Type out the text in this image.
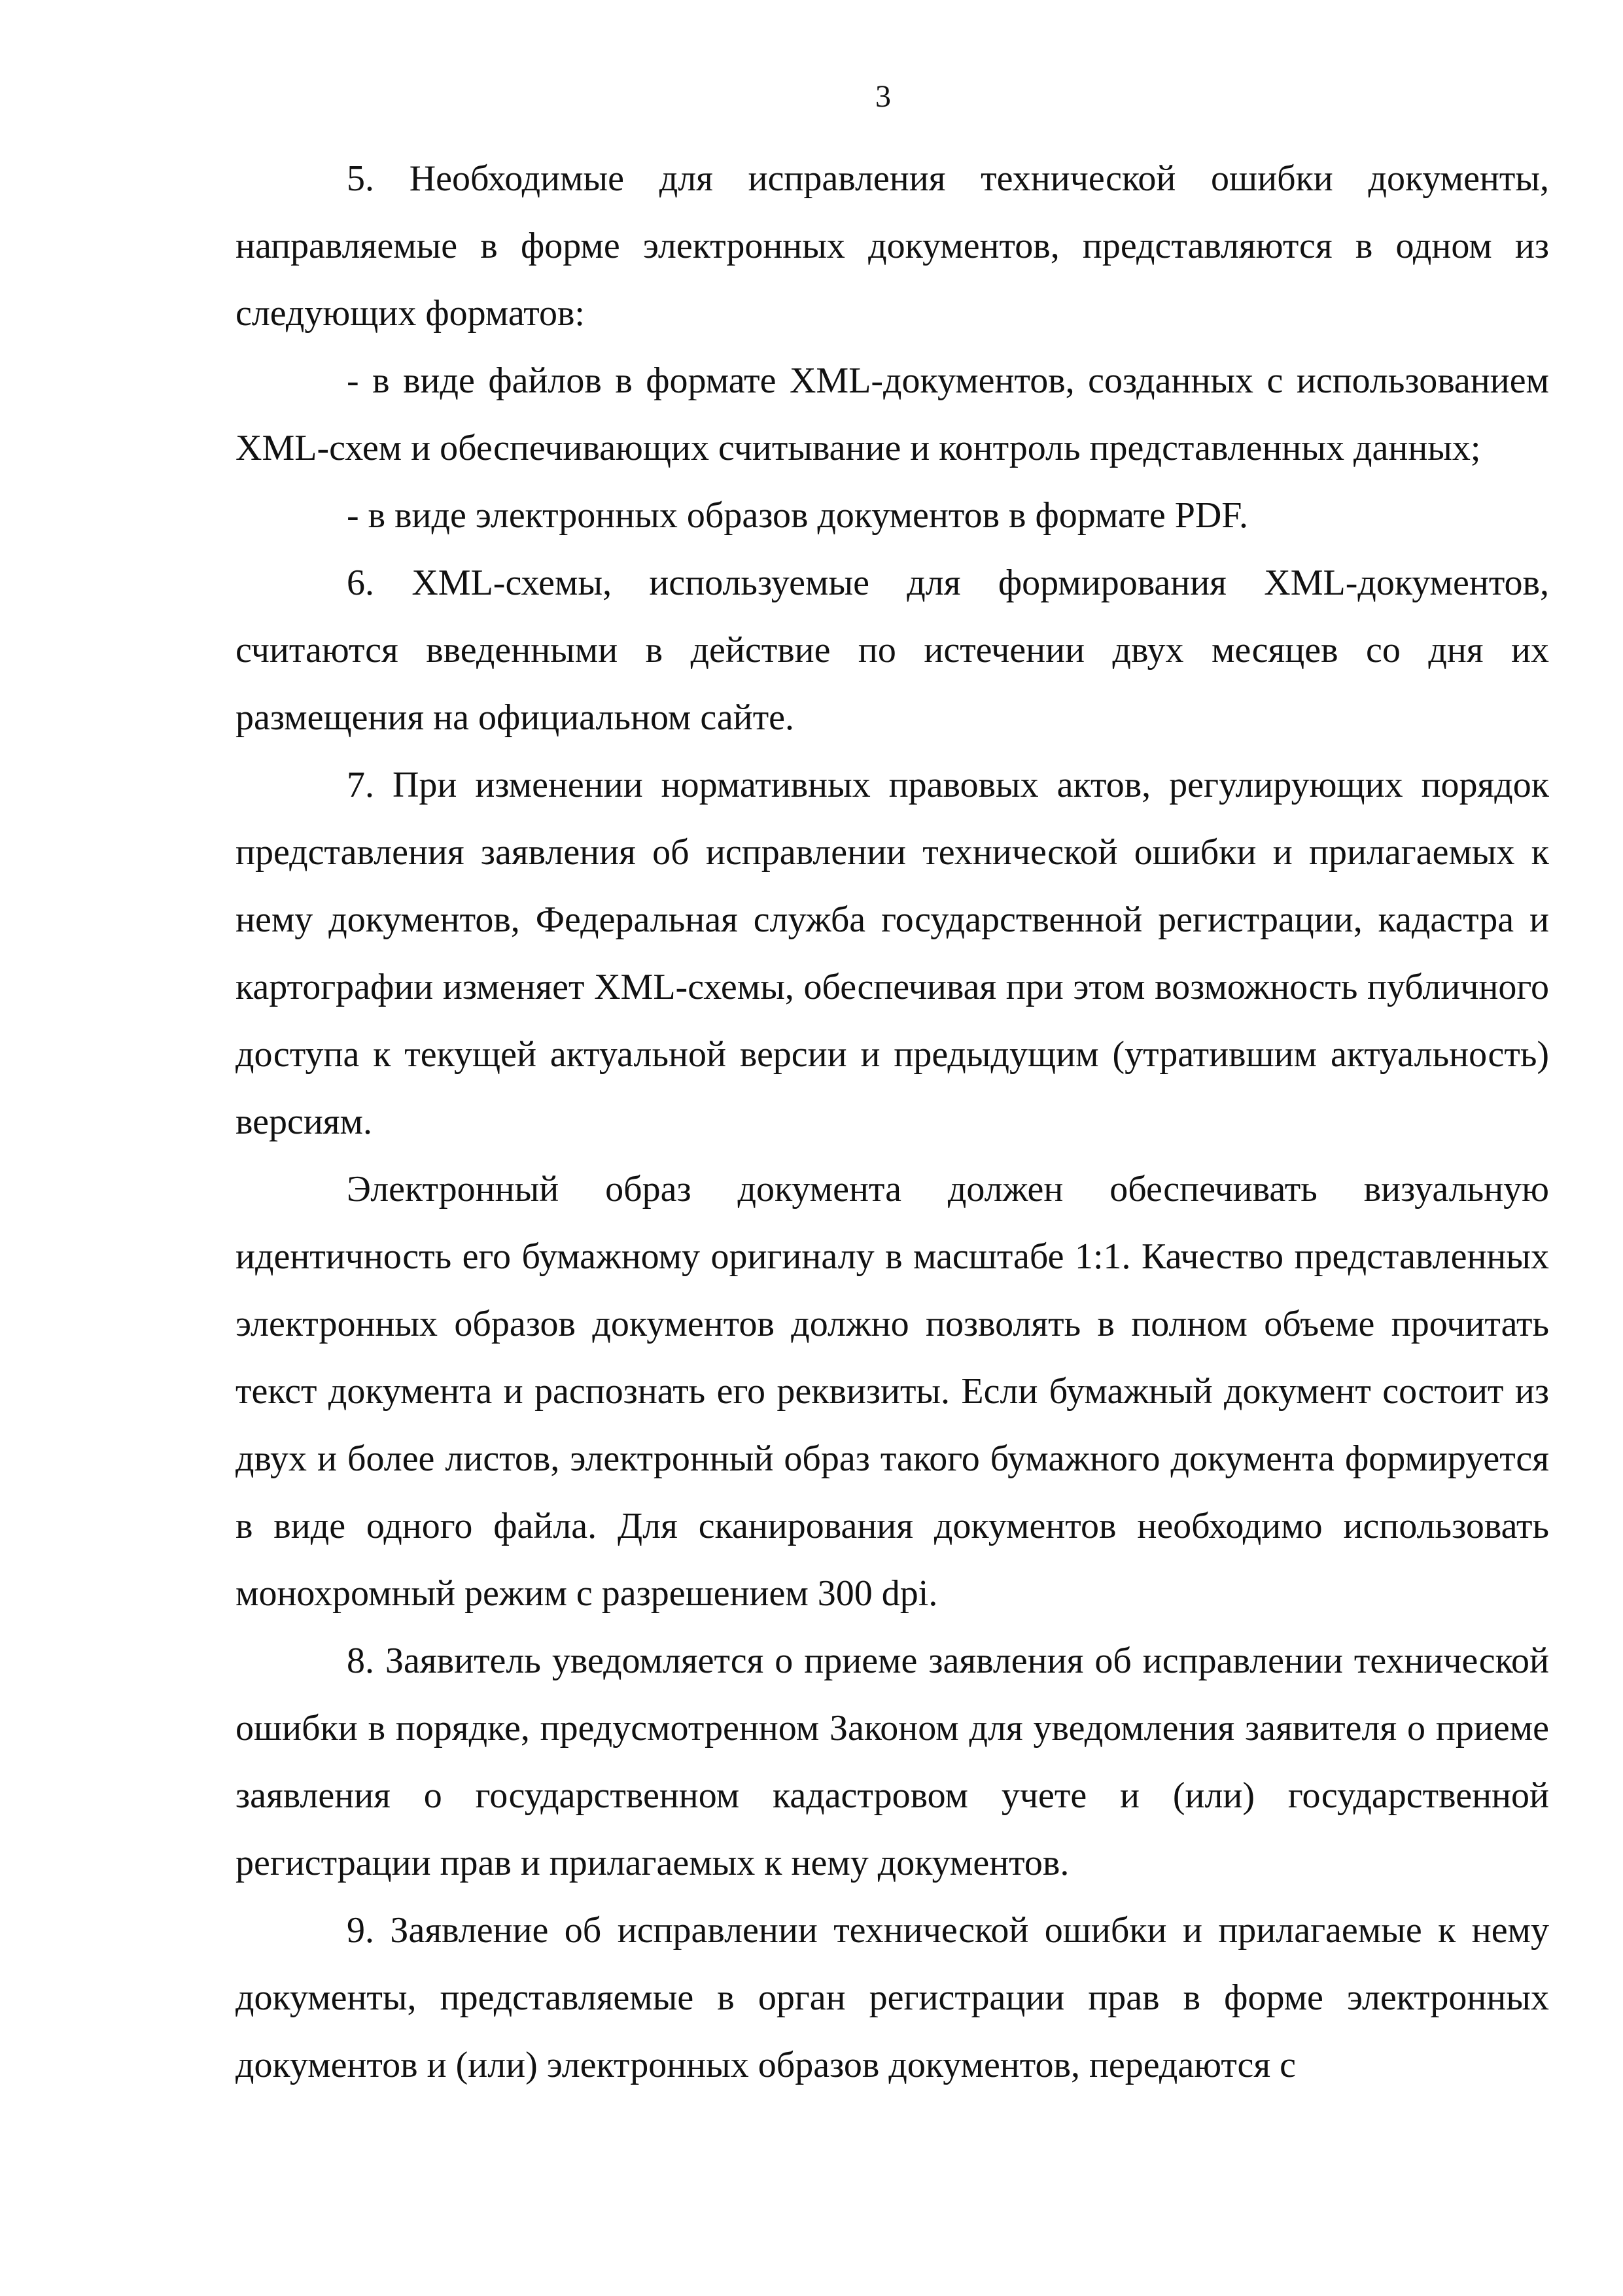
3

5. Необходимые для исправления технической ошибки документы, направляемые в форме электронных документов, представляются в одном из следующих форматов:

- в виде файлов в формате XML-документов, созданных с использованием XML-схем и обеспечивающих считывание и контроль представленных данных;

- в виде электронных образов документов в формате PDF.

6. XML-схемы, используемые для формирования XML-документов, считаются введенными в действие по истечении двух месяцев со дня их размещения на официальном сайте.

7. При изменении нормативных правовых актов, регулирующих порядок представления заявления об исправлении технической ошибки и прилагаемых к нему документов, Федеральная служба государственной регистрации, кадастра и картографии изменяет XML-схемы, обеспечивая при этом возможность публичного доступа к текущей актуальной версии и предыдущим (утратившим актуальность) версиям.

Электронный образ документа должен обеспечивать визуальную идентичность его бумажному оригиналу в масштабе 1:1. Качество представленных электронных образов документов должно позволять в полном объеме прочитать текст документа и распознать его реквизиты. Если бумажный документ состоит из двух и более листов, электронный образ такого бумажного документа формируется в виде одного файла. Для сканирования документов необходимо использовать монохромный режим с разрешением 300 dpi.

8. Заявитель уведомляется о приеме заявления об исправлении технической ошибки в порядке, предусмотренном Законом для уведомления заявителя о приеме заявления о государственном кадастровом учете и (или) государственной регистрации прав и прилагаемых к нему документов.

9. Заявление об исправлении технической ошибки и прилагаемые к нему документы, представляемые в орган регистрации прав в форме электронных документов и (или) электронных образов документов, передаются с
